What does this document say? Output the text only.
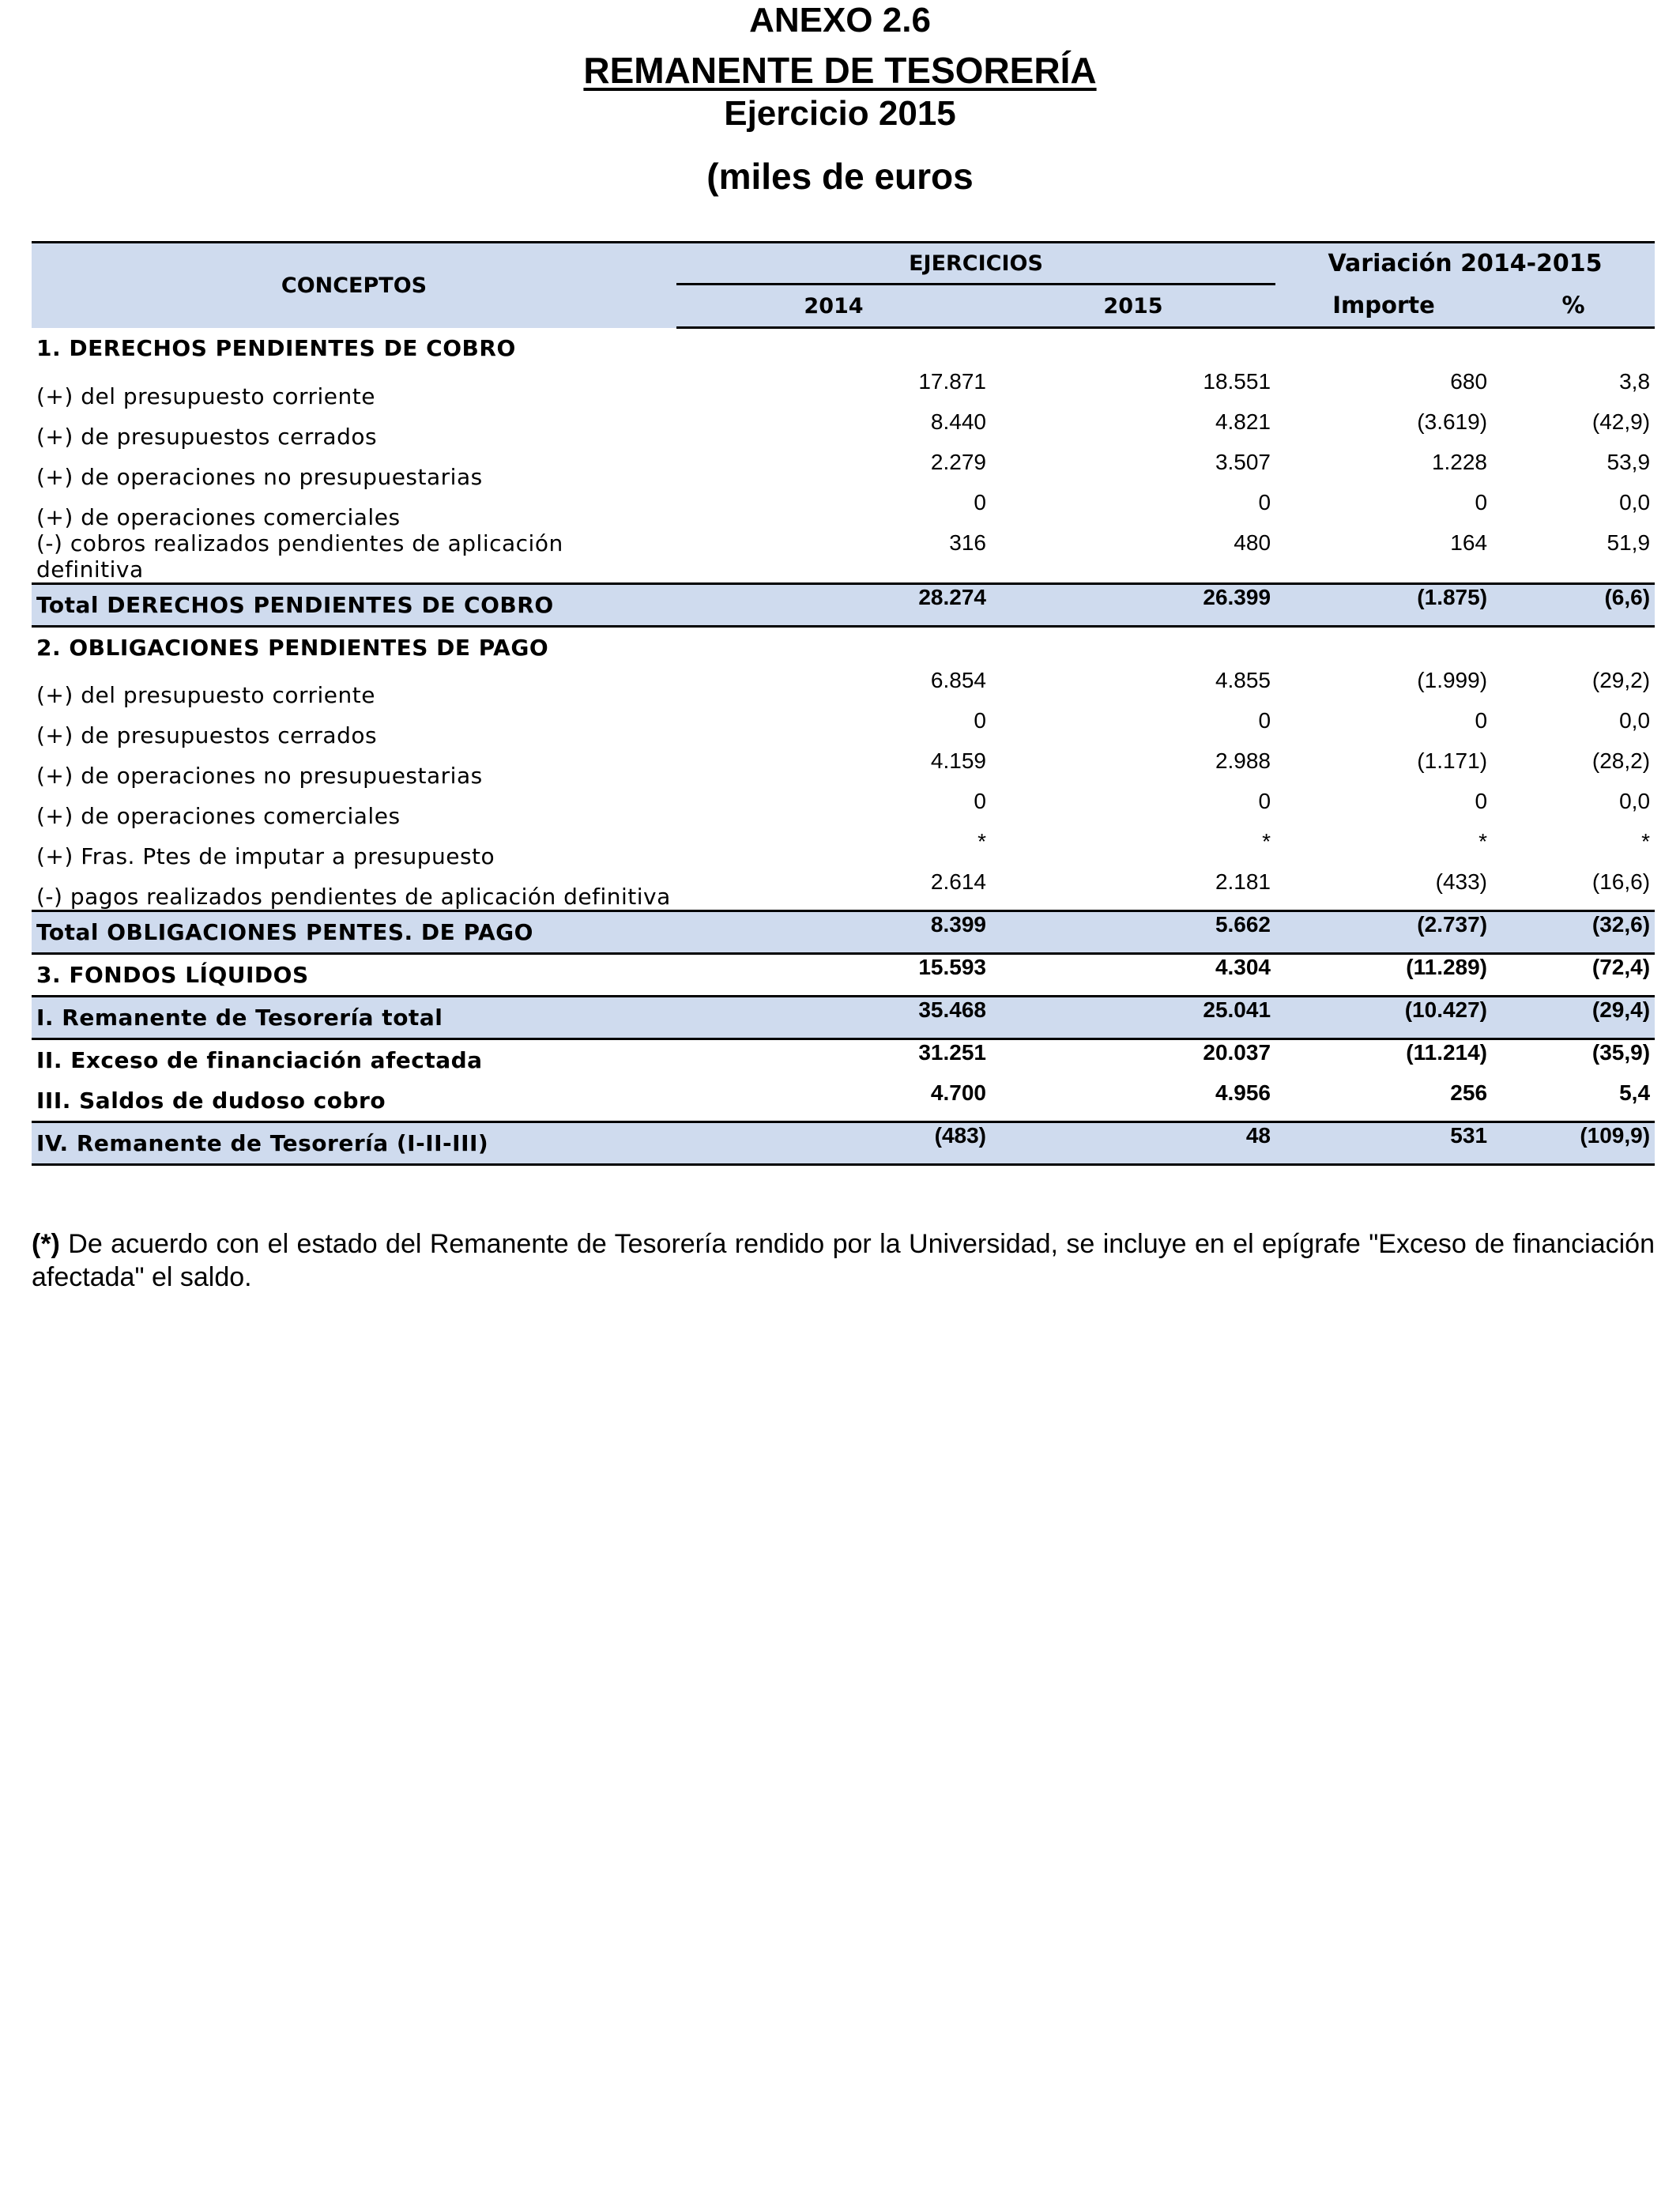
ANEXO 2.6
REMANENTE DE TESORERÍA
Ejercicio 2015
(miles de euros
CONCEPTOS	EJERCICIOS		Variación 2014-2015	
	2014	2015	Importe	%
1. DERECHOS PENDIENTES DE COBRO				
(+) del presupuesto corriente	17.871	18.551	680	3,8
(+) de presupuestos cerrados	8.440	4.821	(3.619)	(42,9)
(+) de operaciones no presupuestarias	2.279	3.507	1.228	53,9
(+) de operaciones comerciales	0	0	0	0,0
(-) cobros realizados pendientes de aplicación definitiva	316	480	164	51,9
Total DERECHOS PENDIENTES DE COBRO	28.274	26.399	(1.875)	(6,6)
2. OBLIGACIONES PENDIENTES DE PAGO				
(+) del presupuesto corriente	6.854	4.855	(1.999)	(29,2)
(+) de presupuestos cerrados	0	0	0	0,0
(+) de operaciones no presupuestarias	4.159	2.988	(1.171)	(28,2)
(+) de operaciones comerciales	0	0	0	0,0
(+) Fras. Ptes de imputar a presupuesto	*	*	*	*
(-) pagos realizados pendientes de aplicación definitiva	2.614	2.181	(433)	(16,6)
Total OBLIGACIONES PENTES. DE PAGO	8.399	5.662	(2.737)	(32,6)
3. FONDOS LÍQUIDOS	15.593	4.304	(11.289)	(72,4)
I. Remanente de Tesorería total	35.468	25.041	(10.427)	(29,4)
II. Exceso de financiación afectada	31.251	20.037	(11.214)	(35,9)
III. Saldos de dudoso cobro	4.700	4.956	256	5,4
IV. Remanente de Tesorería (I-II-III)	(483)	48	531	(109,9)
(*) De acuerdo con el estado del Remanente de Tesorería rendido por la Universidad, se incluye en el epígrafe "Exceso de financiación afectada" el saldo.
